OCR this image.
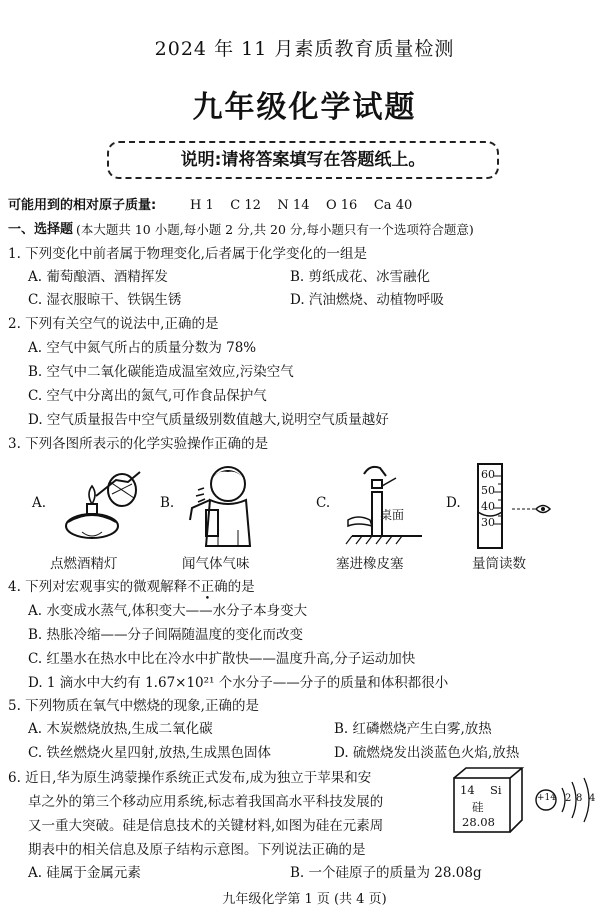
2024 年 11 月素质教育质量检测
九年级化学试题
说明:请将答案填写在答题纸上。
可能用到的相对原子质量:	H 1    C 12    N 14    O 16    Ca 40
一、选择题 (本大题共 10 小题,每小题 2 分,共 20 分,每小题只有一个选项符合题意)
1. 下列变化中前者属于物理变化,后者属于化学变化的一组是
A. 葡萄酿酒、酒精挥发	B. 剪纸成花、冰雪融化
C. 湿衣服晾干、铁锅生锈	D. 汽油燃烧、动植物呼吸
2. 下列有关空气的说法中,正确的是
A. 空气中氮气所占的质量分数为 78%
B. 空气中二氧化碳能造成温室效应,污染空气
C. 空气中分离出的氮气,可作食品保护气
D. 空气质量报告中空气质量级别数值越大,说明空气质量越好
3. 下列各图所表示的化学实验操作正确的是
A.
点燃酒精灯
B.
闻气体气味
C.
桌面
塞进橡皮塞
D.
60
50
40
30
量筒读数
4. 下列对宏观事实的微观解释不正确的是
A. 水变成水蒸气,体积变大——水分子本身变大
B. 热胀冷缩——分子间隔随温度的变化而改变
C. 红墨水在热水中比在冷水中扩散快——温度升高,分子运动加快
D. 1 滴水中大约有 1.67×10²¹ 个水分子——分子的质量和体积都很小
5. 下列物质在氧气中燃烧的现象,正确的是
A. 木炭燃烧放热,生成二氧化碳	B. 红磷燃烧产生白雾,放热
C. 铁丝燃烧火星四射,放热,生成黑色固体	D. 硫燃烧发出淡蓝色火焰,放热
6. 近日,华为原生鸿蒙操作系统正式发布,成为独立于苹果和安
卓之外的第三个移动应用系统,标志着我国高水平科技发展的
又一重大突破。硅是信息技术的关键材料,如图为硅在元素周
期表中的相关信息及原子结构示意图。下列说法正确的是
A. 硅属于金属元素	B. 一个硅原子的质量为 28.08g
14 Si
硅
28.08
+14 2 8 4
九年级化学第 1 页 (共 4 页)
